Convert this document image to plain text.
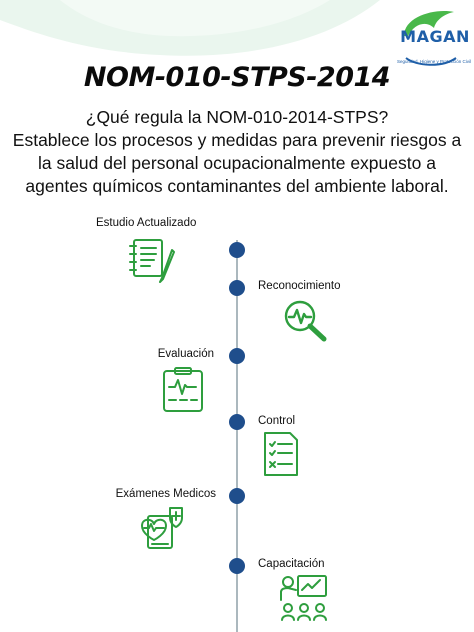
MAGAN
Seguridad, Higiene y Protección Civil
NOM-010-STPS-2014

¿Qué regula la NOM-010-2014-STPS?

Establece los procesos y medidas para prevenir riesgos a la salud del personal ocupacionalmente expuesto a agentes químicos contaminantes del ambiente laboral.

Estudio Actualizado
Reconocimiento
Evaluación
Control
Exámenes Medicos
Capacitación
